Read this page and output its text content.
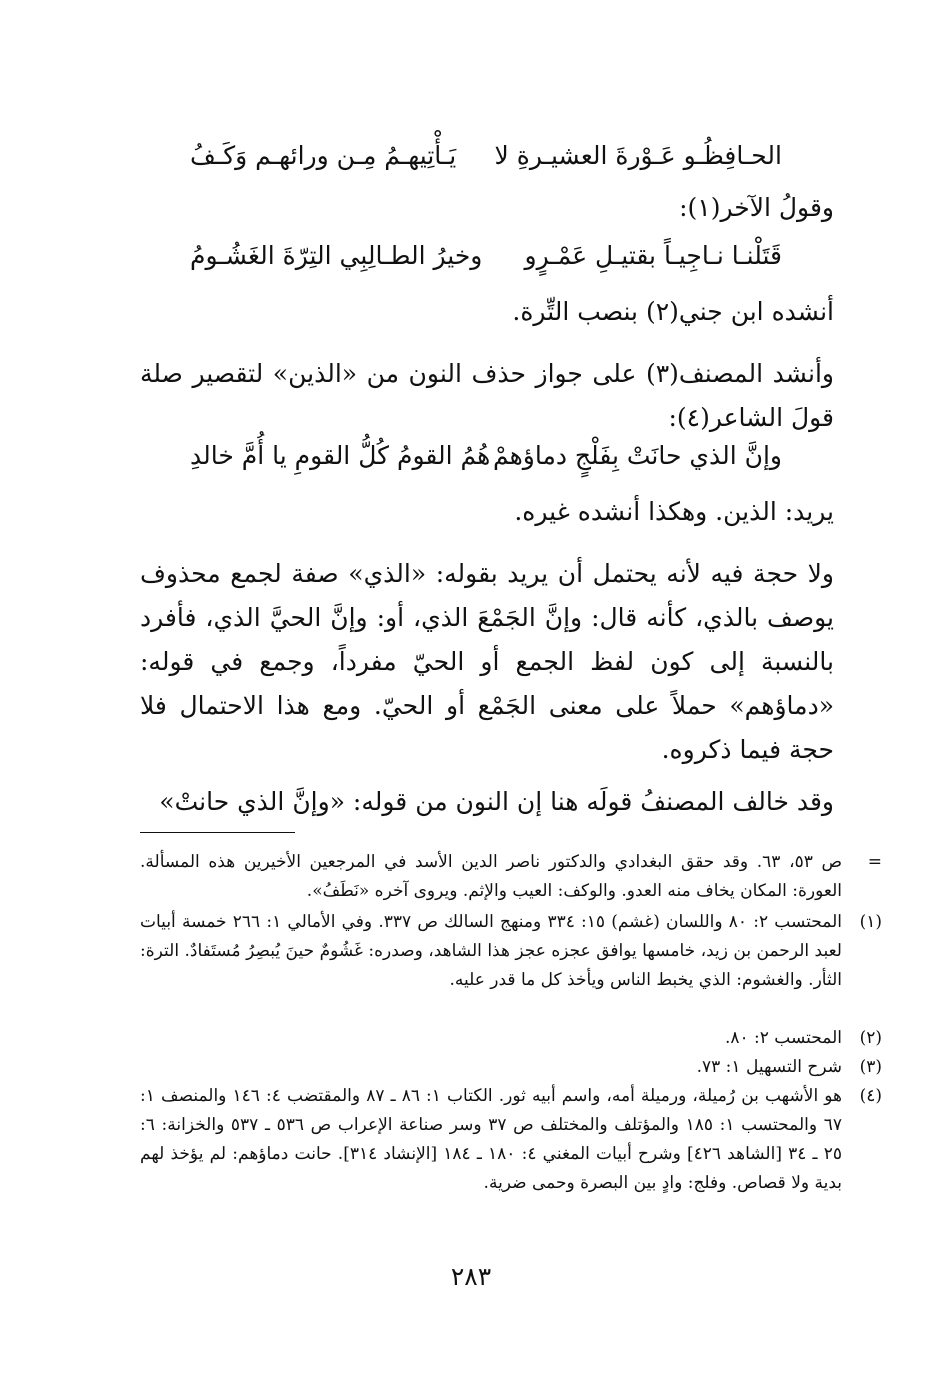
الحـافِظُـو عَـوْرةَ العشيـرةِ لا
يَـأْتِيهـمُ مِـن ورائهـم وَكَـفُ
وقولُ الآخر(١):
قَتَلْنـا نـاجِيـاً بقتيـلِ عَمْـرٍو
وخيرُ الطـالِبِي التِرّةَ الغَشُـومُ
أنشده ابن جني(٢) بنصب التِّرة.
وأنشد المصنف(٣) على جواز حذف النون من «الذين» لتقصير صلة قولَ الشاعر(٤):
وإنَّ الذي حانَتْ بِفَلْجٍ دماؤهمْ
هُمُ القومُ كُلُّ القومِ يا أُمَّ خالدِ
يريد: الذين. وهكذا أنشده غيره.
ولا حجة فيه لأنه يحتمل أن يريد بقوله: «الذي» صفة لجمع محذوف يوصف بالذي، كأنه قال: وإنَّ الجَمْعَ الذي، أو: وإنَّ الحيَّ الذي، فأفرد بالنسبة إلى كون لفظ الجمع أو الحيّ مفرداً، وجمع في قوله: «دماؤهم» حملاً على معنى الجَمْع أو الحيّ. ومع هذا الاحتمال فلا حجة فيما ذكروه.
وقد خالف المصنفُ قولَه هنا إن النون من قوله: «وإنَّ الذي حانتْ»
=
ص ٥٣، ٦٣. وقد حقق البغدادي والدكتور ناصر الدين الأسد في المرجعين الأخيرين هذه المسألة. العورة: المكان يخاف منه العدو. والوكف: العيب والإثم. ويروى آخره «نَطَفُ».
(١)
المحتسب ٢: ٨٠ واللسان (غشم) ١٥: ٣٣٤ ومنهج السالك ص ٣٣٧. وفي الأمالي ١: ٢٦٦ خمسة أبيات لعبد الرحمن بن زيد، خامسها يوافق عجزه عجز هذا الشاهد، وصدره: غَشُومٌ حينَ يُبصِرُ مُستَفادٌ. الترة: الثأر. والغشوم: الذي يخبط الناس ويأخذ كل ما قدر عليه.
(٢)
المحتسب ٢: ٨٠.
(٣)
شرح التسهيل ١: ٧٣.
(٤)
هو الأشهب بن رُميلة، ورميلة أمه، واسم أبيه ثور. الكتاب ١: ٨٦ ـ ٨٧ والمقتضب ٤: ١٤٦ والمنصف ١: ٦٧ والمحتسب ١: ١٨٥ والمؤتلف والمختلف ص ٣٧ وسر صناعة الإعراب ص ٥٣٦ ـ ٥٣٧ والخزانة: ٦: ٢٥ ـ ٣٤ [الشاهد ٤٢٦] وشرح أبيات المغني ٤: ١٨٠ ـ ١٨٤ [الإنشاد ٣١٤]. حانت دماؤهم: لم يؤخذ لهم بدية ولا قصاص. وفلج: وادٍ بين البصرة وحمى ضرية.
٢٨٣
